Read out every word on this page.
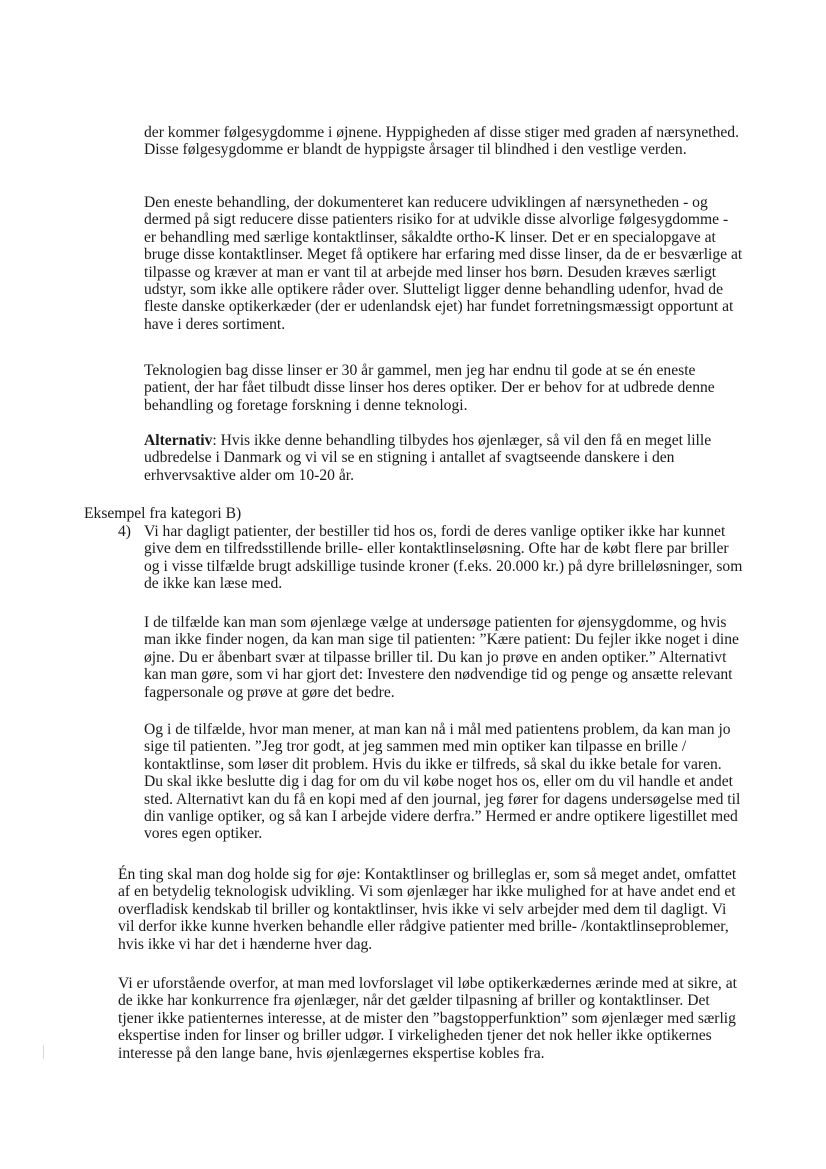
der kommer følgesygdomme i øjnene. Hyppigheden af disse stiger med graden af nærsynethed. Disse følgesygdomme er blandt de hyppigste årsager til blindhed i den vestlige verden.

Den eneste behandling, der dokumenteret kan reducere udviklingen af nærsynetheden - og dermed på sigt reducere disse patienters risiko for at udvikle disse alvorlige følgesygdomme - er behandling med særlige kontaktlinser, såkaldte ortho-K linser. Det er en specialopgave at bruge disse kontaktlinser. Meget få optikere har erfaring med disse linser, da de er besværlige at tilpasse og kræver at man er vant til at arbejde med linser hos børn. Desuden kræves særligt udstyr, som ikke alle optikere råder over. Slutteligt ligger denne behandling udenfor, hvad de fleste danske optikerkæder (der er udenlandsk ejet) har fundet forretningsmæssigt opportunt at have i deres sortiment.

Teknologien bag disse linser er 30 år gammel, men jeg har endnu til gode at se én eneste patient, der har fået tilbudt disse linser hos deres optiker. Der er behov for at udbrede denne behandling og foretage forskning i denne teknologi.

Alternativ: Hvis ikke denne behandling tilbydes hos øjenlæger, så vil den få en meget lille udbredelse i Danmark og vi vil se en stigning i antallet af svagtseende danskere i den erhvervsaktive alder om 10-20 år.

Eksempel fra kategori B)

4) Vi har dagligt patienter, der bestiller tid hos os, fordi de deres vanlige optiker ikke har kunnet give dem en tilfredsstillende brille- eller kontaktlinseløsning. Ofte har de købt flere par briller og i visse tilfælde brugt adskillige tusinde kroner (f.eks. 20.000 kr.) på dyre brilleløsninger, som de ikke kan læse med.

I de tilfælde kan man som øjenlæge vælge at undersøge patienten for øjensygdomme, og hvis man ikke finder nogen, da kan man sige til patienten: ”Kære patient: Du fejler ikke noget i dine øjne. Du er åbenbart svær at tilpasse briller til. Du kan jo prøve en anden optiker.” Alternativt kan man gøre, som vi har gjort det: Investere den nødvendige tid og penge og ansætte relevant fagpersonale og prøve at gøre det bedre.

Og i de tilfælde, hvor man mener, at man kan nå i mål med patientens problem, da kan man jo sige til patienten. ”Jeg tror godt, at jeg sammen med min optiker kan tilpasse en brille / kontaktlinse, som løser dit problem. Hvis du ikke er tilfreds, så skal du ikke betale for varen. Du skal ikke beslutte dig i dag for om du vil købe noget hos os, eller om du vil handle et andet sted. Alternativt kan du få en kopi med af den journal, jeg fører for dagens undersøgelse med til din vanlige optiker, og så kan I arbejde videre derfra.” Hermed er andre optikere ligestillet med vores egen optiker.

Én ting skal man dog holde sig for øje: Kontaktlinser og brilleglas er, som så meget andet, omfattet af en betydelig teknologisk udvikling. Vi som øjenlæger har ikke mulighed for at have andet end et overfladisk kendskab til briller og kontaktlinser, hvis ikke vi selv arbejder med dem til dagligt. Vi vil derfor ikke kunne hverken behandle eller rådgive patienter med brille- /kontaktlinseproblemer, hvis ikke vi har det i hænderne hver dag.

Vi er uforstående overfor, at man med lovforslaget vil løbe optikerkædernes ærinde med at sikre, at de ikke har konkurrence fra øjenlæger, når det gælder tilpasning af briller og kontaktlinser. Det tjener ikke patienternes interesse, at de mister den ”bagstopperfunktion” som øjenlæger med særlig ekspertise inden for linser og briller udgør. I virkeligheden tjener det nok heller ikke optikernes interesse på den lange bane, hvis øjenlægernes ekspertise kobles fra.
